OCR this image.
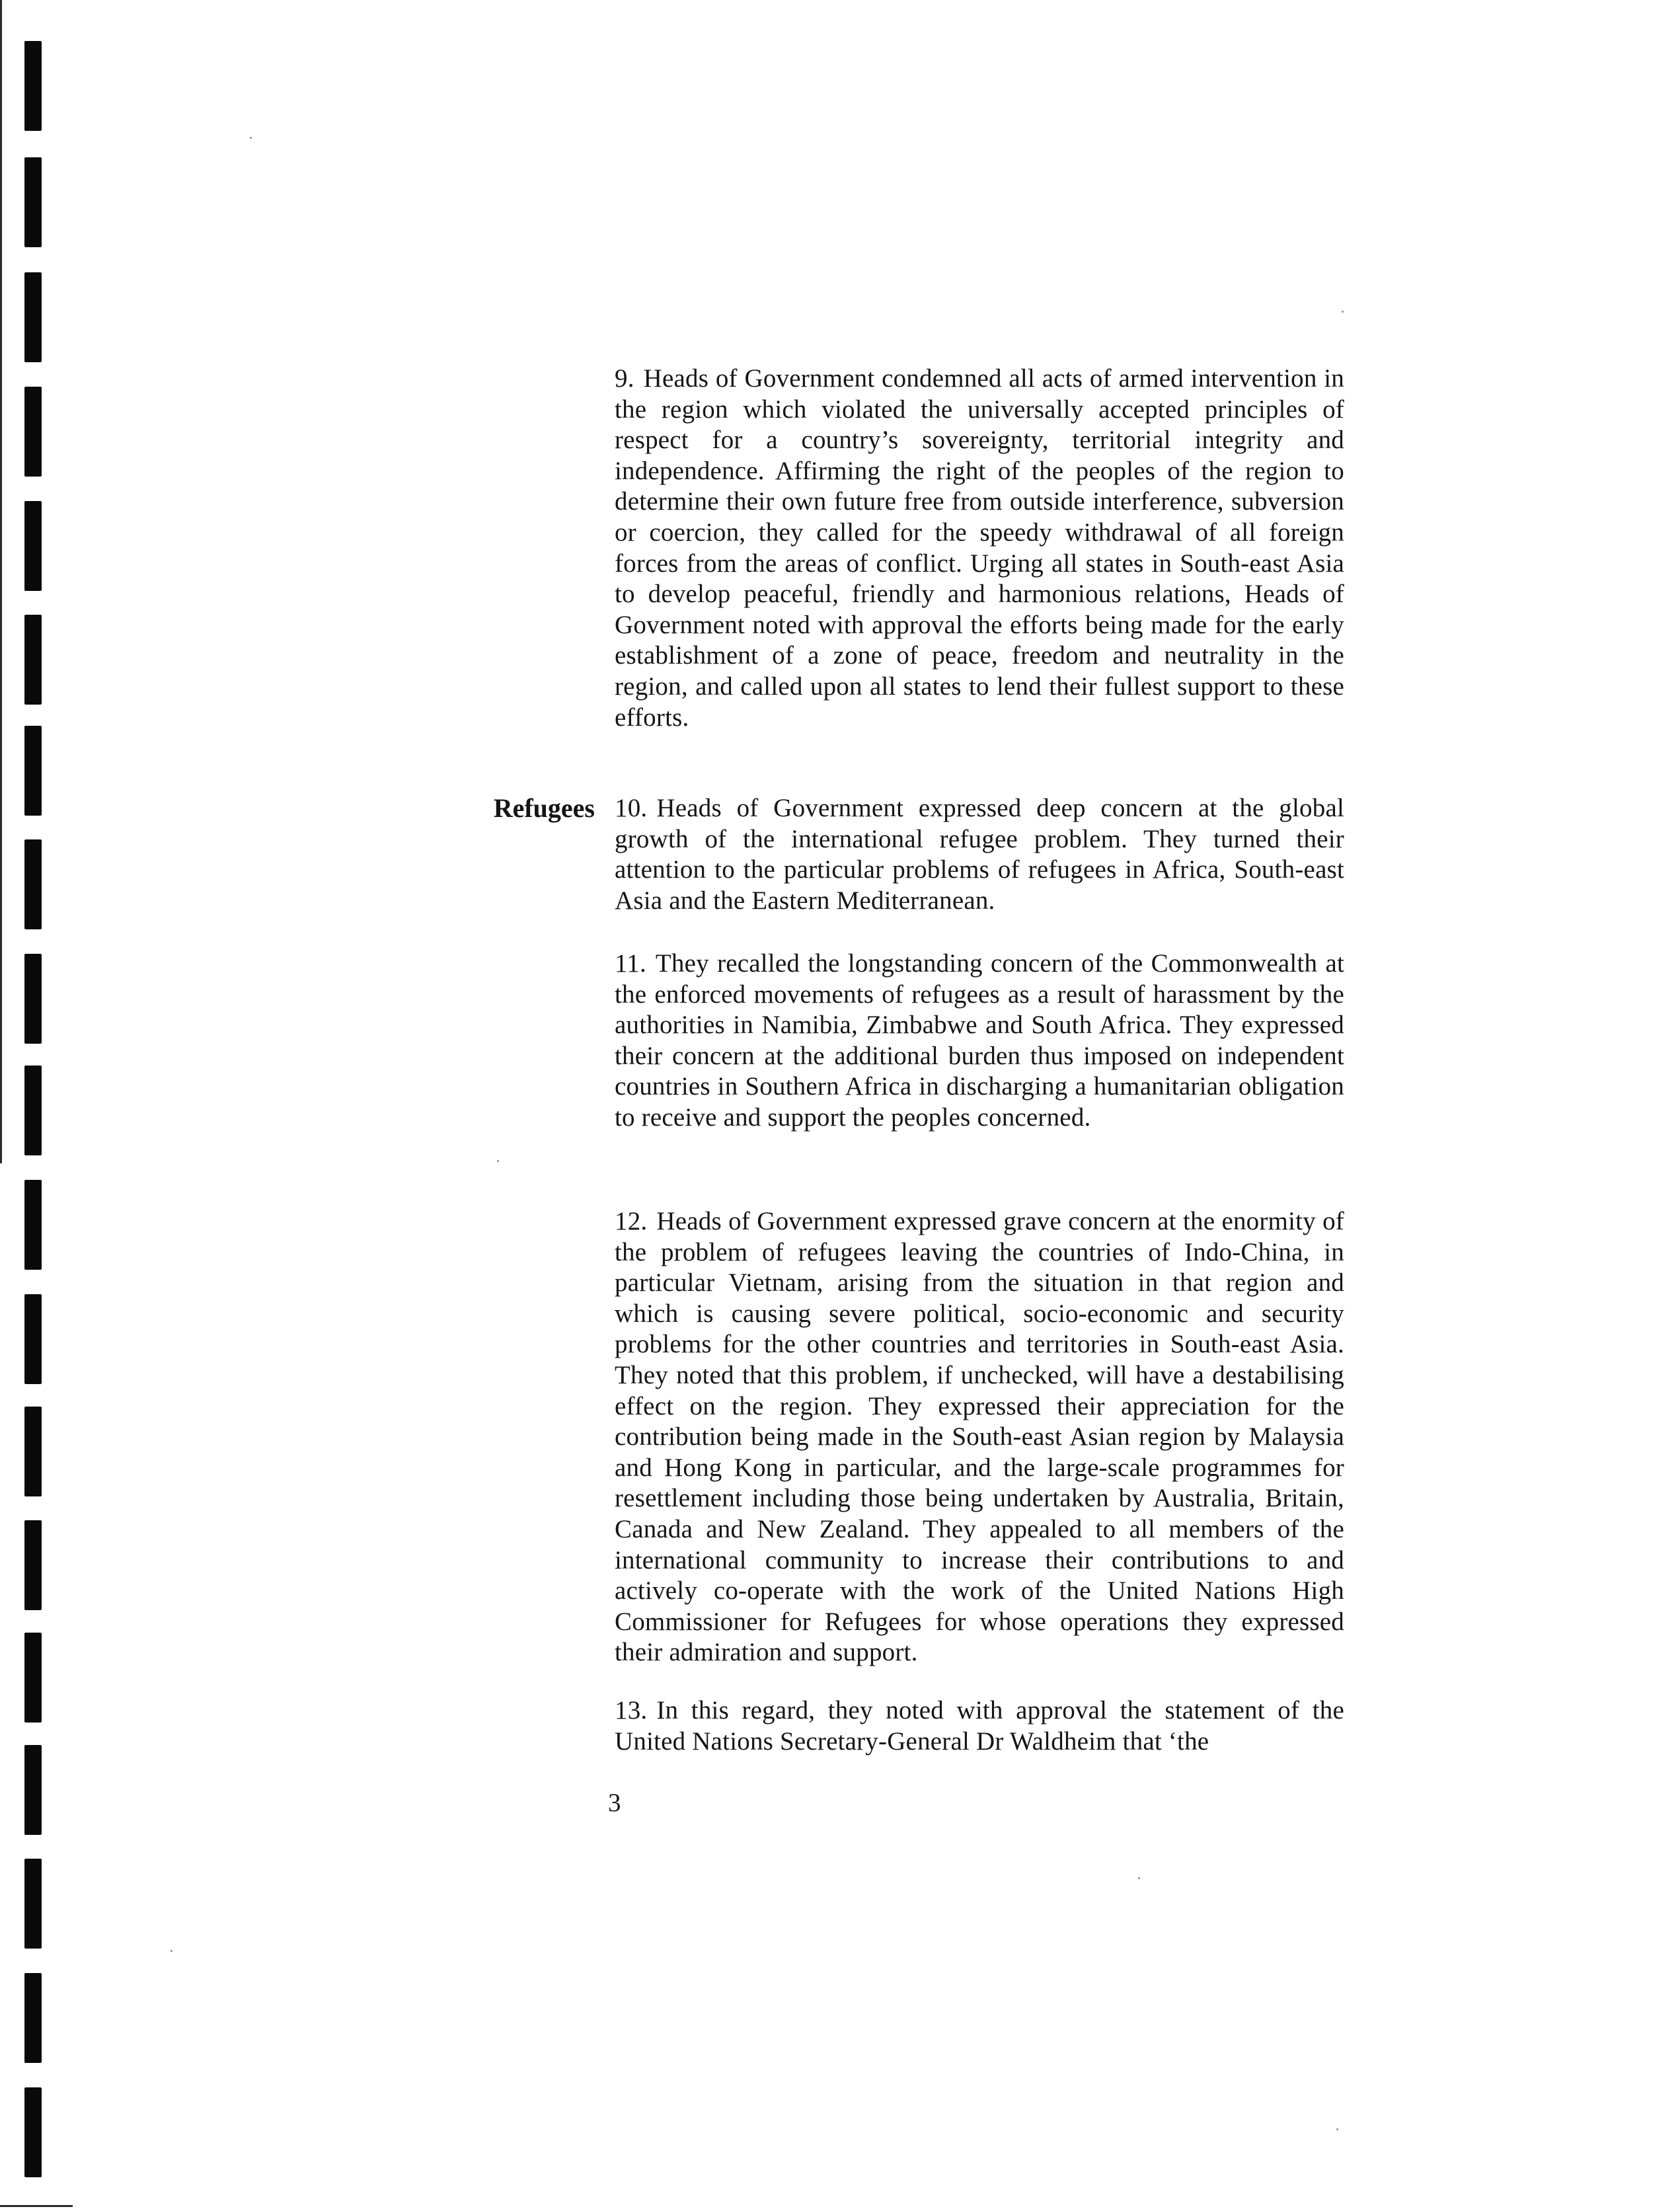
Refugees

9. Heads of Government condemned all acts of armed intervention in the region which violated the universally accepted principles of respect for a country’s sovereignty, territorial integrity and independence. Affirming the right of the peoples of the region to determine their own future free from outside interference, subversion or coercion, they called for the speedy withdrawal of all foreign forces from the areas of conflict. Urging all states in South-east Asia to develop peaceful, friendly and harmonious relations, Heads of Government noted with approval the efforts being made for the early establishment of a zone of peace, freedom and neutrality in the region, and called upon all states to lend their fullest support to these efforts.

10. Heads of Government expressed deep concern at the global growth of the international refugee problem. They turned their attention to the particular problems of refugees in Africa, South-east Asia and the Eastern Mediterranean.

11. They recalled the longstanding concern of the Commonwealth at the enforced movements of refugees as a result of harassment by the authorities in Namibia, Zimbabwe and South Africa. They expressed their concern at the additional burden thus imposed on independent countries in Southern Africa in discharging a humanitarian obligation to receive and support the peoples concerned.

12. Heads of Government expressed grave concern at the enormity of the problem of refugees leaving the countries of Indo-China, in particular Vietnam, arising from the situation in that region and which is causing severe political, socio-economic and security problems for the other countries and territories in South-east Asia. They noted that this problem, if unchecked, will have a destabilising effect on the region. They expressed their appreciation for the contribution being made in the South-east Asian region by Malaysia and Hong Kong in particular, and the large-scale programmes for resettlement including those being undertaken by Australia, Britain, Canada and New Zealand. They appealed to all members of the international community to increase their contributions to and actively co-operate with the work of the United Nations High Commissioner for Refugees for whose operations they expressed their admiration and support.

13. In this regard, they noted with approval the statement of the United Nations Secretary-General Dr Waldheim that ‘the

3
